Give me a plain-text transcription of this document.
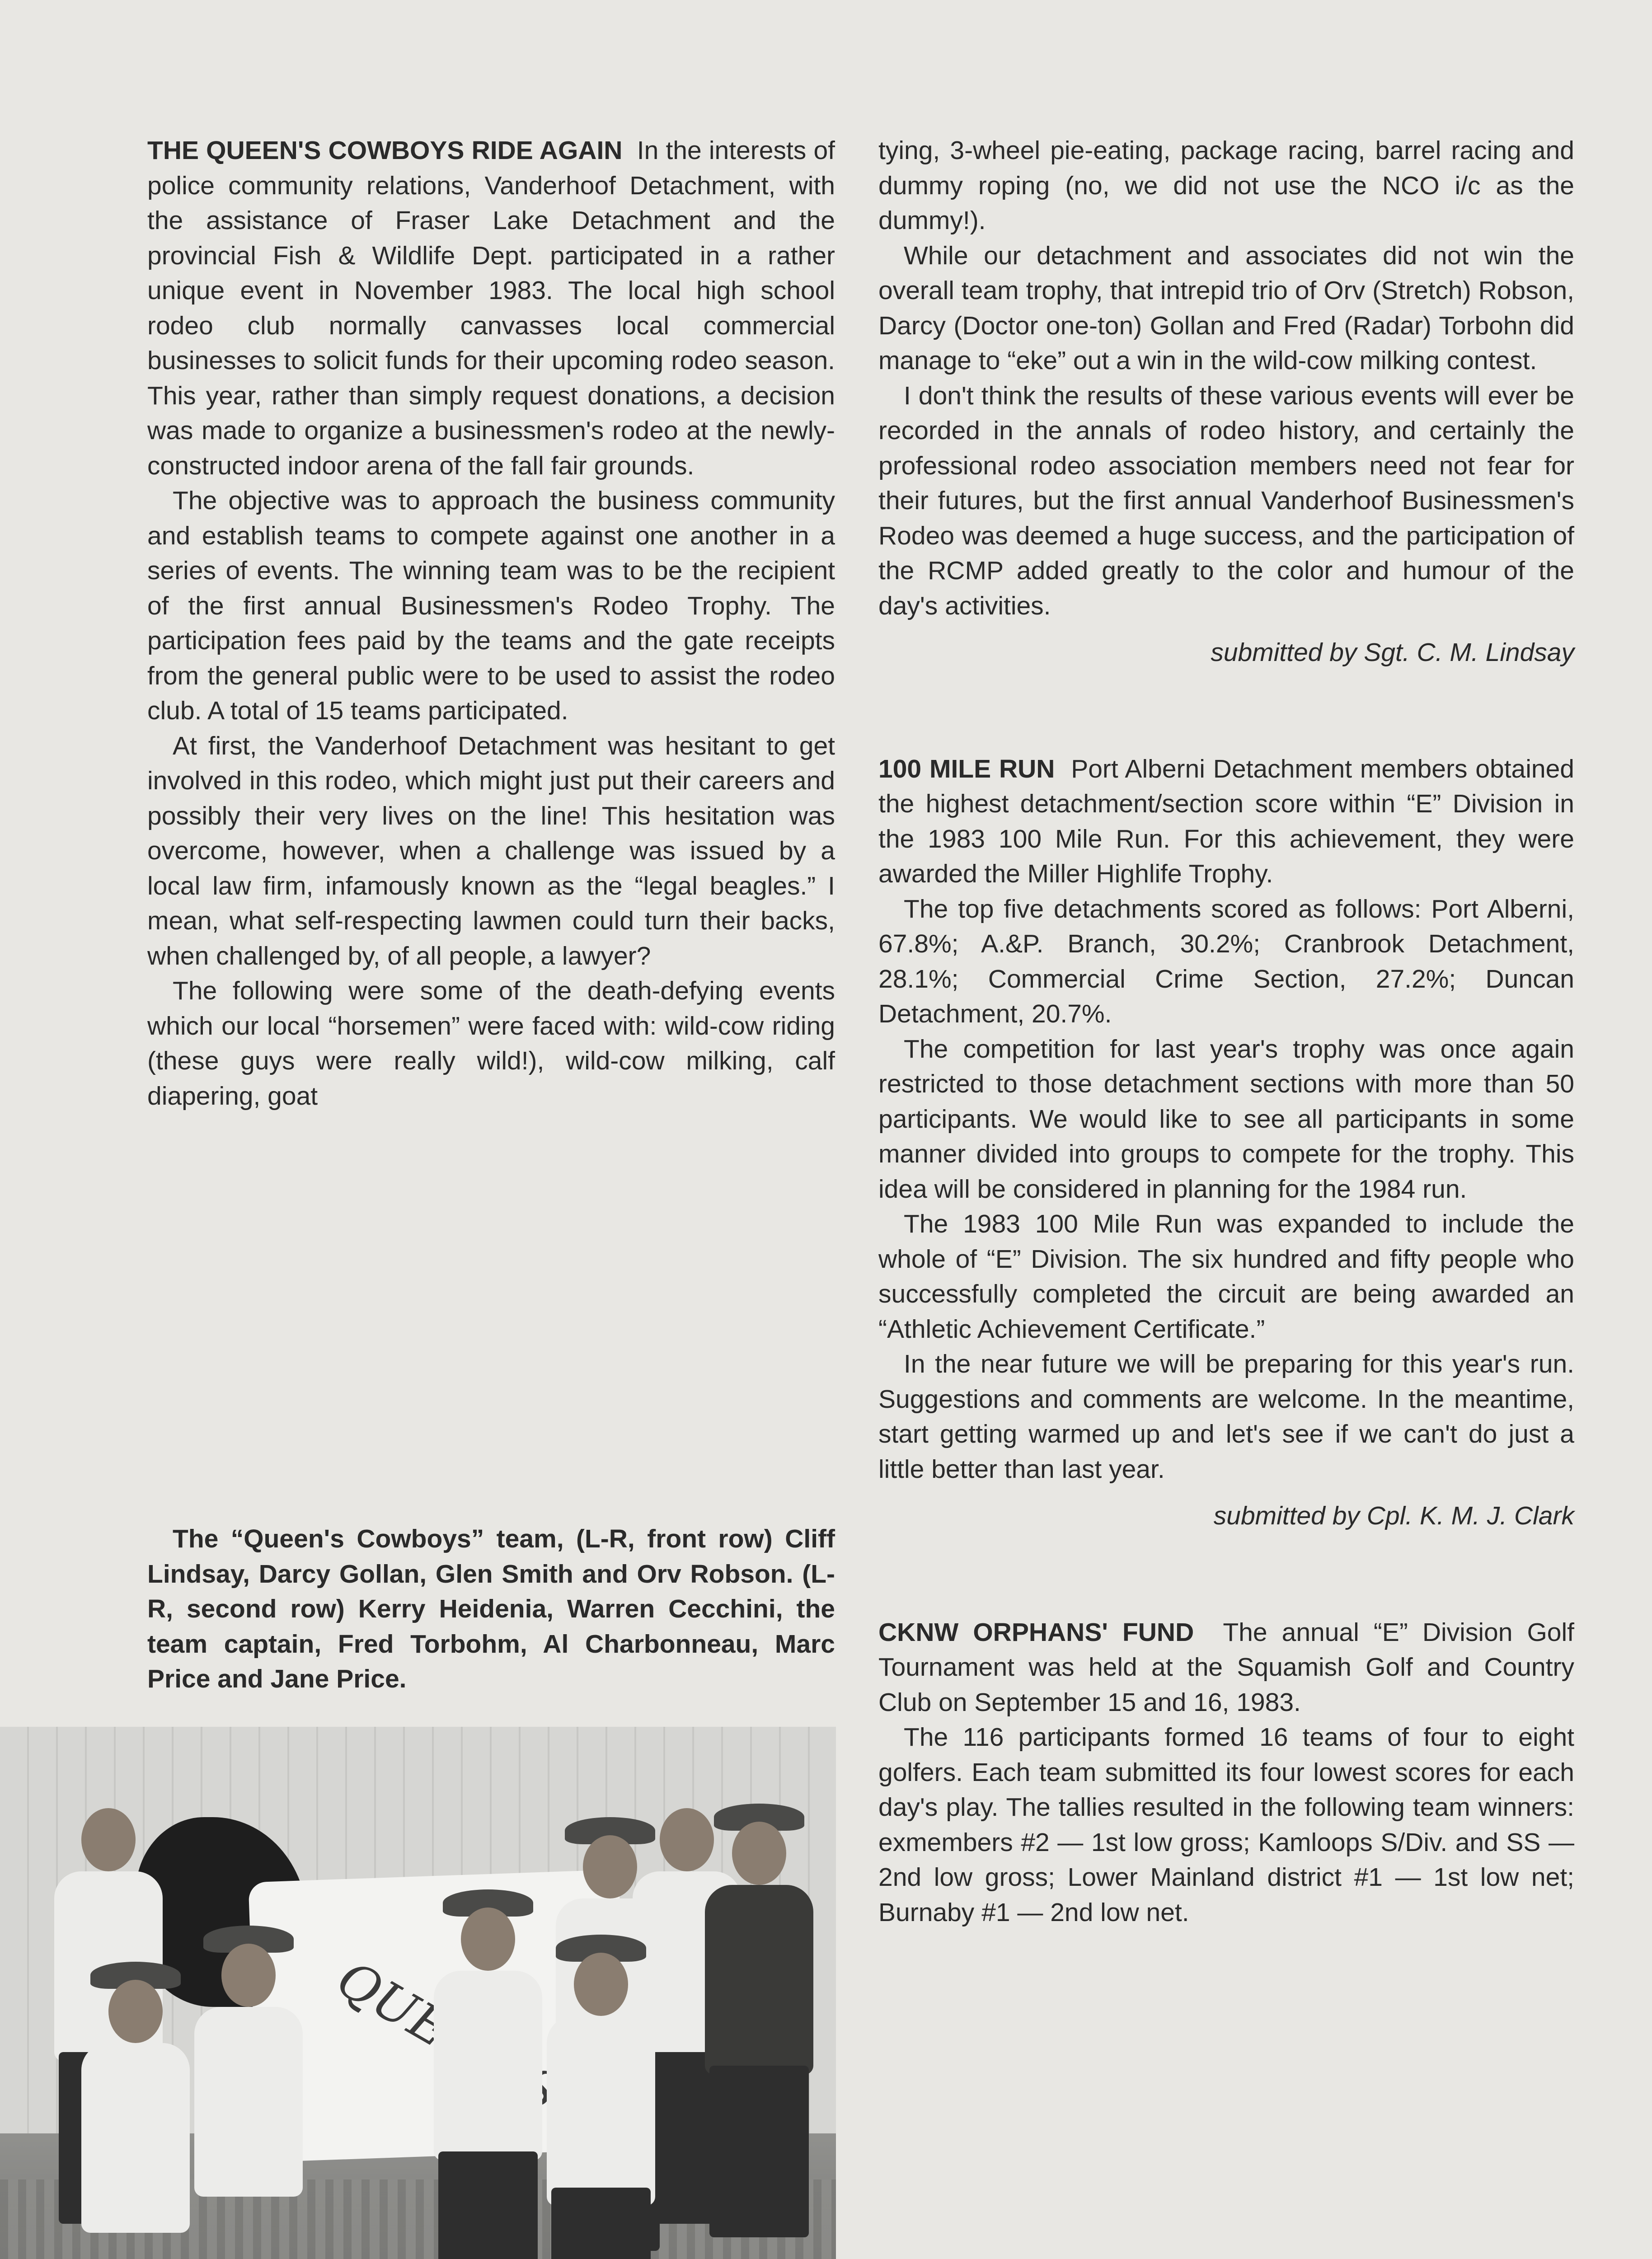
THE QUEEN'S COWBOYS RIDE AGAIN In the interests of police community relations, Vanderhoof Detachment, with the assistance of Fraser Lake Detachment and the provincial Fish & Wildlife Dept. participated in a rather unique event in November 1983. The local high school rodeo club normally canvasses local commercial businesses to solicit funds for their upcoming rodeo season. This year, rather than simply request donations, a decision was made to organize a businessmen's rodeo at the newly-constructed indoor arena of the fall fair grounds.

The objective was to approach the business community and establish teams to compete against one another in a series of events. The winning team was to be the recipient of the first annual Businessmen's Rodeo Trophy. The participation fees paid by the teams and the gate receipts from the general public were to be used to assist the rodeo club. A total of 15 teams participated.

At first, the Vanderhoof Detachment was hesitant to get involved in this rodeo, which might just put their careers and possibly their very lives on the line! This hesitation was overcome, however, when a challenge was issued by a local law firm, infamously known as the “legal beagles.” I mean, what self-respecting lawmen could turn their backs, when challenged by, of all people, a lawyer?

The following were some of the death-defying events which our local “horsemen” were faced with: wild-cow riding (these guys were really wild!), wild-cow milking, calf diapering, goat

The “Queen's Cowboys” team, (L-R, front row) Cliff Lindsay, Darcy Gollan, Glen Smith and Orv Robson. (L-R, second row) Kerry Heidenia, Warren Cecchini, the team captain, Fred Torbohm, Al Charbonneau, Marc Price and Jane Price.

tying, 3-wheel pie-eating, package racing, barrel racing and dummy roping (no, we did not use the NCO i/c as the dummy!).

While our detachment and associates did not win the overall team trophy, that intrepid trio of Orv (Stretch) Robson, Darcy (Doctor one-ton) Gollan and Fred (Radar) Torbohn did manage to “eke” out a win in the wild-cow milking contest.

I don't think the results of these various events will ever be recorded in the annals of rodeo history, and certainly the professional rodeo association members need not fear for their futures, but the first annual Vanderhoof Businessmen's Rodeo was deemed a huge success, and the participation of the RCMP added greatly to the color and humour of the day's activities.

submitted by Sgt. C. M. Lindsay

100 MILE RUN Port Alberni Detachment members obtained the highest detachment/section score within “E” Division in the 1983 100 Mile Run. For this achievement, they were awarded the Miller Highlife Trophy.

The top five detachments scored as follows: Port Alberni, 67.8%; A.&P. Branch, 30.2%; Cranbrook Detachment, 28.1%; Commercial Crime Section, 27.2%; Duncan Detachment, 20.7%.

The competition for last year's trophy was once again restricted to those detachment sections with more than 50 participants. We would like to see all participants in some manner divided into groups to compete for the trophy. This idea will be considered in planning for the 1984 run.

The 1983 100 Mile Run was expanded to include the whole of “E” Division. The six hundred and fifty people who successfully completed the circuit are being awarded an “Athletic Achievement Certificate.”

In the near future we will be preparing for this year's run. Suggestions and comments are welcome. In the meantime, start getting warmed up and let's see if we can't do just a little better than last year.

submitted by Cpl. K. M. J. Clark

CKNW ORPHANS' FUND The annual “E” Division Golf Tournament was held at the Squamish Golf and Country Club on September 15 and 16, 1983.

The 116 participants formed 16 teams of four to eight golfers. Each team submitted its four lowest scores for each day's play. The tallies resulted in the following team winners: exmembers #2 — 1st low gross; Kamloops S/Div. and SS — 2nd low gross; Lower Mainland district #1 — 1st low net; Burnaby #1 — 2nd low net.
